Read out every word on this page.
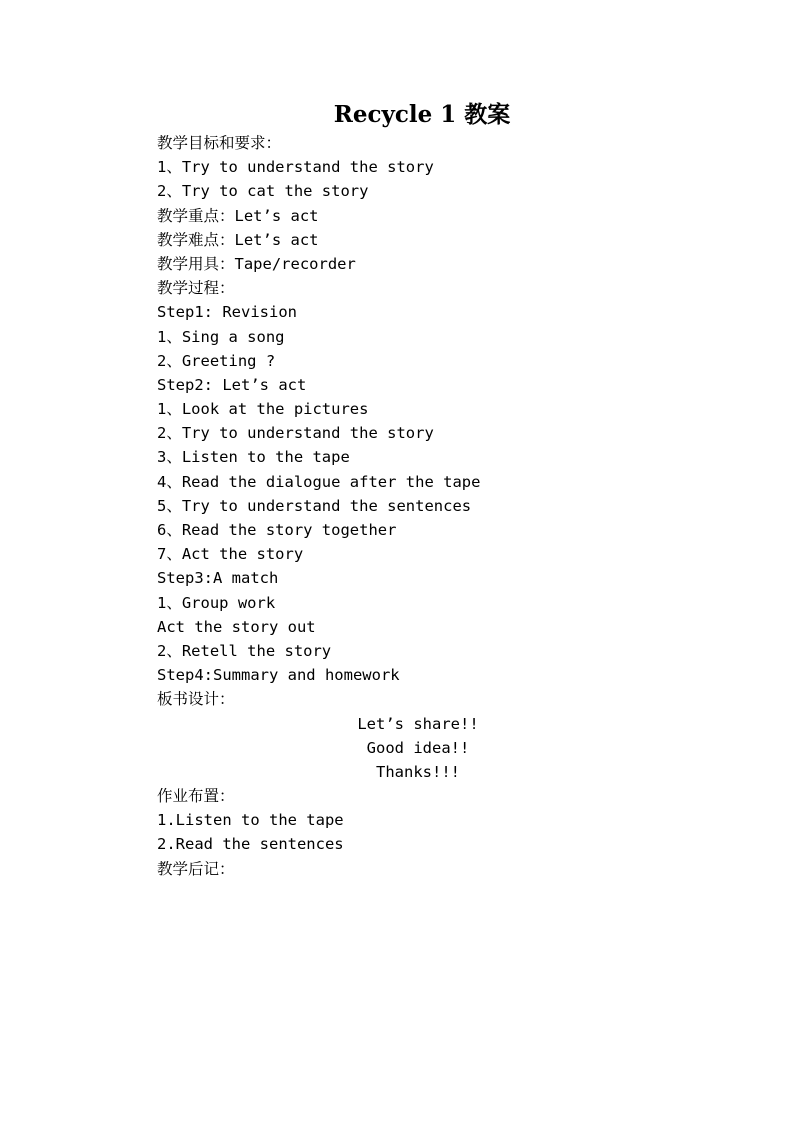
Recycle 1 教案
教学目标和要求：
1、Try to understand the story
2、Try to cat the story
教学重点：Let’s act
教学难点：Let’s act
教学用具：Tape/recorder
教学过程：
Step1: Revision
1、Sing a song
2、Greeting ?
Step2: Let’s act
1、Look at the pictures
2、Try to understand the story
3、Listen to the tape
4、Read the dialogue after the tape
5、Try to understand the sentences
6、Read the story together
7、Act the story
Step3:A match
1、Group work
Act the story out
2、Retell the story
Step4:Summary and homework
板书设计：
Let’s share!!
Good idea!!
Thanks!!!
作业布置：
1.Listen to the tape
2.Read the sentences
教学后记：
